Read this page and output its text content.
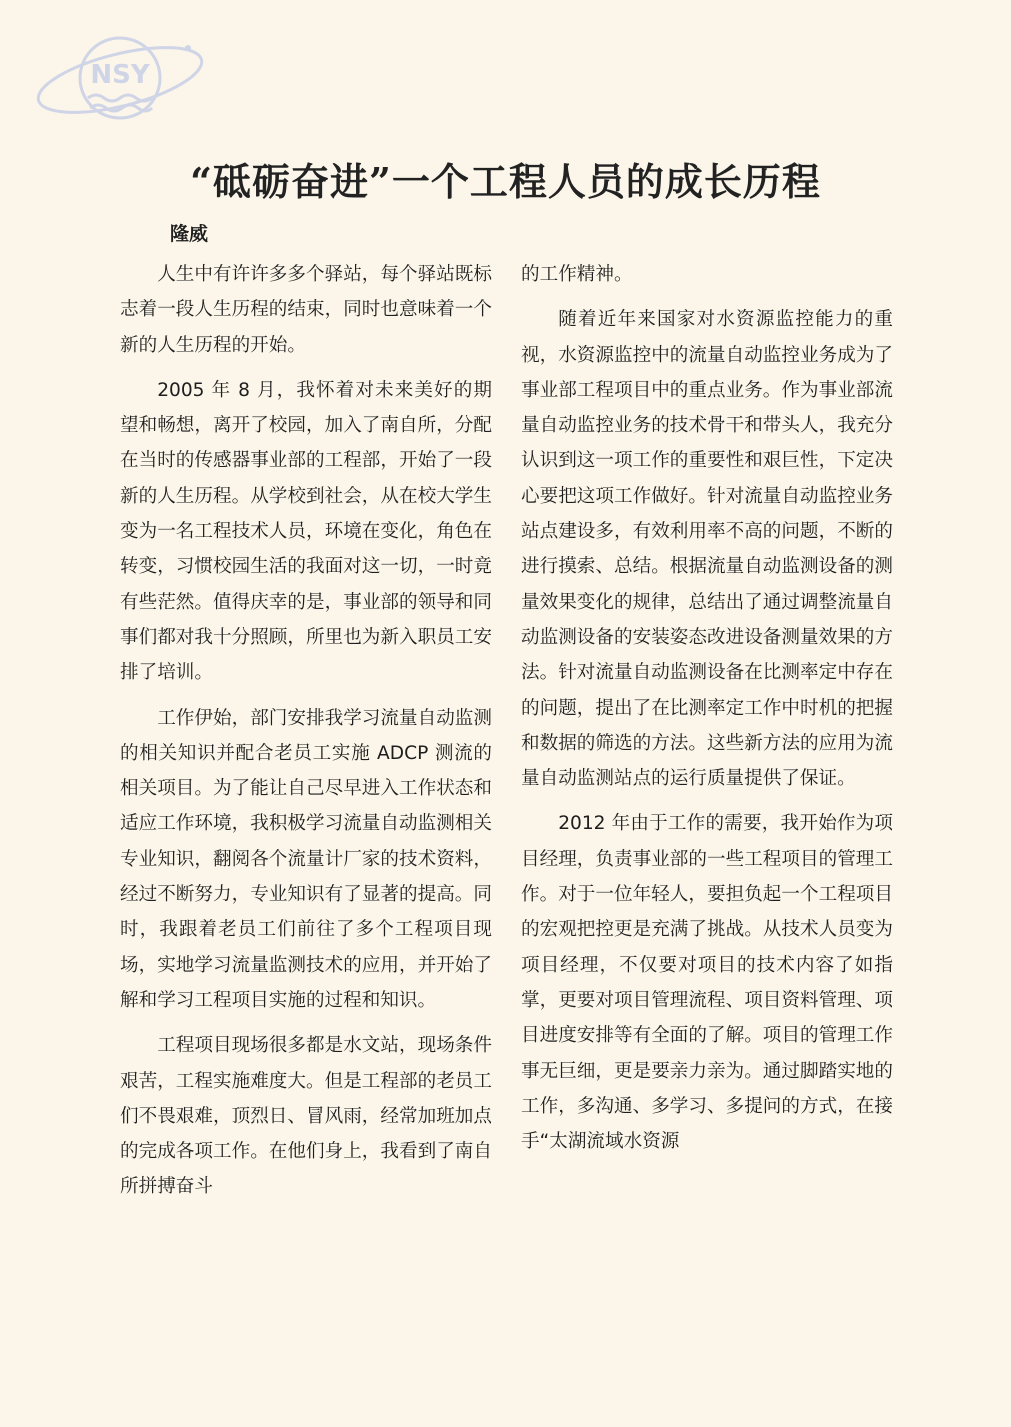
NSY
“砥砺奋进”一个工程人员的成长历程

隆威

人生中有许许多多个驿站，每个驿站既标志着一段人生历程的结束，同时也意味着一个新的人生历程的开始。

2005 年 8 月，我怀着对未来美好的期望和畅想，离开了校园，加入了南自所，分配在当时的传感器事业部的工程部，开始了一段新的人生历程。从学校到社会，从在校大学生变为一名工程技术人员，环境在变化，角色在转变，习惯校园生活的我面对这一切，一时竟有些茫然。值得庆幸的是，事业部的领导和同事们都对我十分照顾，所里也为新入职员工安排了培训。

工作伊始，部门安排我学习流量自动监测的相关知识并配合老员工实施 ADCP 测流的相关项目。为了能让自己尽早进入工作状态和适应工作环境，我积极学习流量自动监测相关专业知识，翻阅各个流量计厂家的技术资料，经过不断努力，专业知识有了显著的提高。同时，我跟着老员工们前往了多个工程项目现场，实地学习流量监测技术的应用，并开始了解和学习工程项目实施的过程和知识。

工程项目现场很多都是水文站，现场条件艰苦，工程实施难度大。但是工程部的老员工们不畏艰难，顶烈日、冒风雨，经常加班加点的完成各项工作。在他们身上，我看到了南自所拼搏奋斗

的工作精神。

随着近年来国家对水资源监控能力的重视，水资源监控中的流量自动监控业务成为了事业部工程项目中的重点业务。作为事业部流量自动监控业务的技术骨干和带头人，我充分认识到这一项工作的重要性和艰巨性，下定决心要把这项工作做好。针对流量自动监控业务站点建设多，有效利用率不高的问题，不断的进行摸索、总结。根据流量自动监测设备的测量效果变化的规律，总结出了通过调整流量自动监测设备的安装姿态改进设备测量效果的方法。针对流量自动监测设备在比测率定中存在的问题，提出了在比测率定工作中时机的把握和数据的筛选的方法。这些新方法的应用为流量自动监测站点的运行质量提供了保证。

2012 年由于工作的需要，我开始作为项目经理，负责事业部的一些工程项目的管理工作。对于一位年轻人，要担负起一个工程项目的宏观把控更是充满了挑战。从技术人员变为项目经理，不仅要对项目的技术内容了如指掌，更要对项目管理流程、项目资料管理、项目进度安排等有全面的了解。项目的管理工作事无巨细，更是要亲力亲为。通过脚踏实地的工作，多沟通、多学习、多提问的方式，在接手“太湖流域水资源
